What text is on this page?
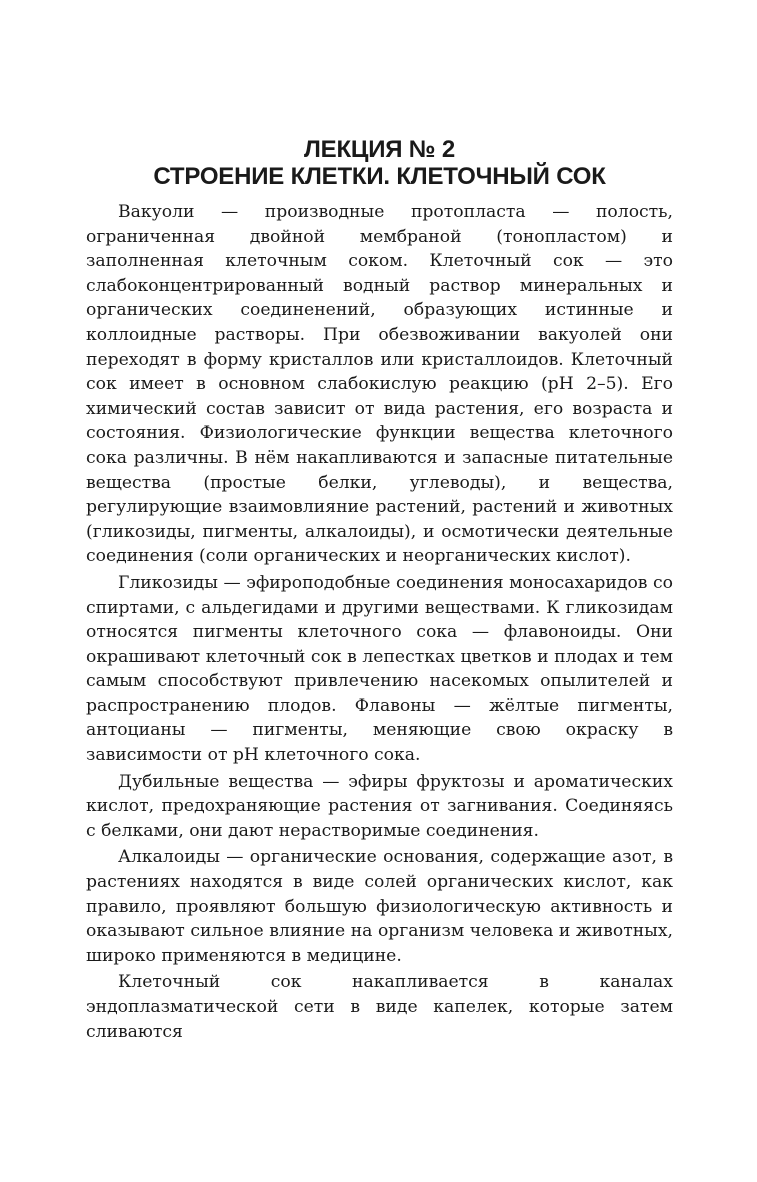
ЛЕКЦИЯ № 2
СТРОЕНИЕ КЛЕТКИ. КЛЕТОЧНЫЙ СОК

Вакуоли — производные протопласта — полость, ограниченная двойной мембраной (тонопластом) и заполненная клеточным соком. Клеточный сок — это слабоконцентрированный водный раствор минеральных и органических соединенений, образующих истинные и коллоидные растворы. При обезвоживании вакуолей они переходят в форму кристаллов или кристаллоидов. Клеточный сок имеет в основном слабокислую реакцию (pH 2–5). Его химический состав зависит от вида растения, его возраста и состояния. Физиологические функции вещества клеточного сока различны. В нём накапливаются и запасные питательные вещества (простые белки, углеводы), и вещества, регулирующие взаимовлияние растений, растений и животных (гликозиды, пигменты, алкалоиды), и осмотически деятельные соединения (соли органических и неорганических кислот).

Гликозиды — эфироподобные соединения моносахаридов со спиртами, с альдегидами и другими веществами. К гликозидам относятся пигменты клеточного сока — флавоноиды. Они окрашивают клеточный сок в лепестках цветков и плодах и тем самым способствуют привлечению насекомых опылителей и распространению плодов. Флавоны — жёлтые пигменты, антоцианы — пигменты, меняющие свою окраску в зависимости от pH клеточного сока.

Дубильные вещества — эфиры фруктозы и ароматических кислот, предохраняющие растения от загнивания. Соединяясь с белками, они дают нерастворимые соединения.

Алкалоиды — органические основания, содержащие азот, в растениях находятся в виде солей органических кислот, как правило, проявляют большую физиологическую активность и оказывают сильное влияние на организм человека и животных, широко применяются в медицине.

Клеточный сок накапливается в каналах эндоплазматической сети в виде капелек, которые затем сливаются
